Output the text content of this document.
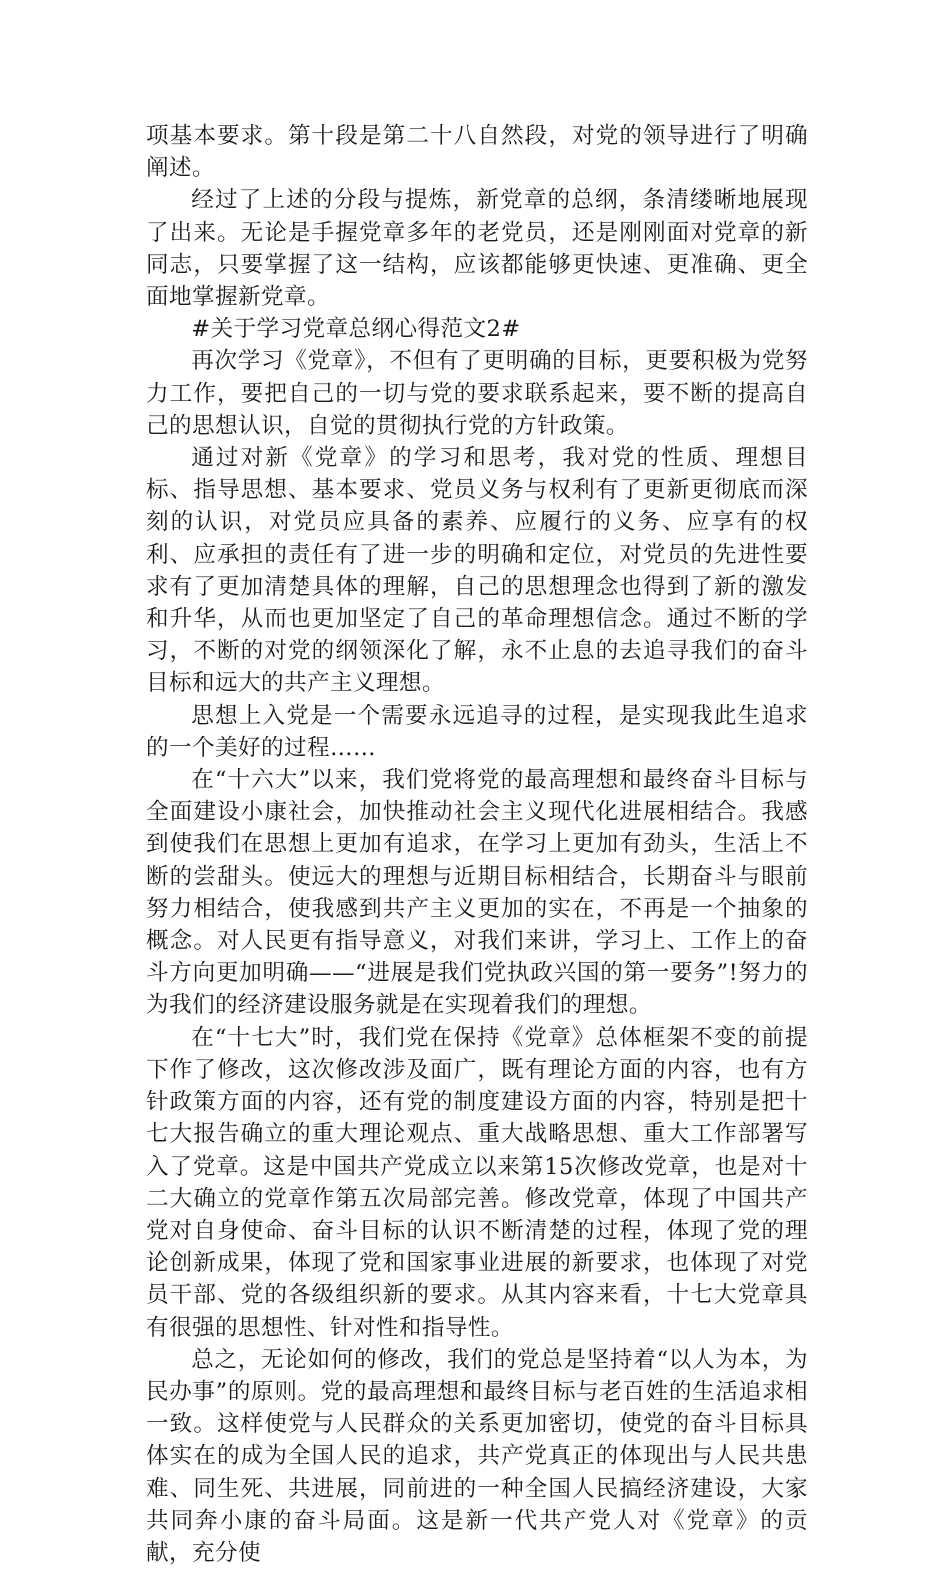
项基本要求。第十段是第二十八自然段，对党的领导进行了明确阐述。

经过了上述的分段与提炼，新党章的总纲，条清缕晰地展现了出来。无论是手握党章多年的老党员，还是刚刚面对党章的新同志，只要掌握了这一结构，应该都能够更快速、更准确、更全面地掌握新党章。

#关于学习党章总纲心得范文2#

再次学习《党章》，不但有了更明确的目标，更要积极为党努力工作，要把自己的一切与党的要求联系起来，要不断的提高自己的思想认识，自觉的贯彻执行党的方针政策。

通过对新《党章》的学习和思考，我对党的性质、理想目标、指导思想、基本要求、党员义务与权利有了更新更彻底而深刻的认识，对党员应具备的素养、应履行的义务、应享有的权利、应承担的责任有了进一步的明确和定位，对党员的先进性要求有了更加清楚具体的理解，自己的思想理念也得到了新的激发和升华，从而也更加坚定了自己的革命理想信念。通过不断的学习，不断的对党的纲领深化了解，永不止息的去追寻我们的奋斗目标和远大的共产主义理想。

思想上入党是一个需要永远追寻的过程，是实现我此生追求的一个美好的过程……

在“十六大”以来，我们党将党的最高理想和最终奋斗目标与全面建设小康社会，加快推动社会主义现代化进展相结合。我感到使我们在思想上更加有追求，在学习上更加有劲头，生活上不断的尝甜头。使远大的理想与近期目标相结合，长期奋斗与眼前努力相结合，使我感到共产主义更加的实在，不再是一个抽象的概念。对人民更有指导意义，对我们来讲，学习上、工作上的奋斗方向更加明确——“进展是我们党执政兴国的第一要务”!努力的为我们的经济建设服务就是在实现着我们的理想。

在“十七大”时，我们党在保持《党章》总体框架不变的前提下作了修改，这次修改涉及面广，既有理论方面的内容，也有方针政策方面的内容，还有党的制度建设方面的内容，特别是把十七大报告确立的重大理论观点、重大战略思想、重大工作部署写入了党章。这是中国共产党成立以来第15次修改党章，也是对十二大确立的党章作第五次局部完善。修改党章，体现了中国共产党对自身使命、奋斗目标的认识不断清楚的过程，体现了党的理论创新成果，体现了党和国家事业进展的新要求，也体现了对党员干部、党的各级组织新的要求。从其内容来看，十七大党章具有很强的思想性、针对性和指导性。

总之，无论如何的修改，我们的党总是坚持着“以人为本，为民办事”的原则。党的最高理想和最终目标与老百姓的生活追求相一致。这样使党与人民群众的关系更加密切，使党的奋斗目标具体实在的成为全国人民的追求，共产党真正的体现出与人民共患难、同生死、共进展，同前进的一种全国人民搞经济建设，大家共同奔小康的奋斗局面。这是新一代共产党人对《党章》的贡献，充分使
